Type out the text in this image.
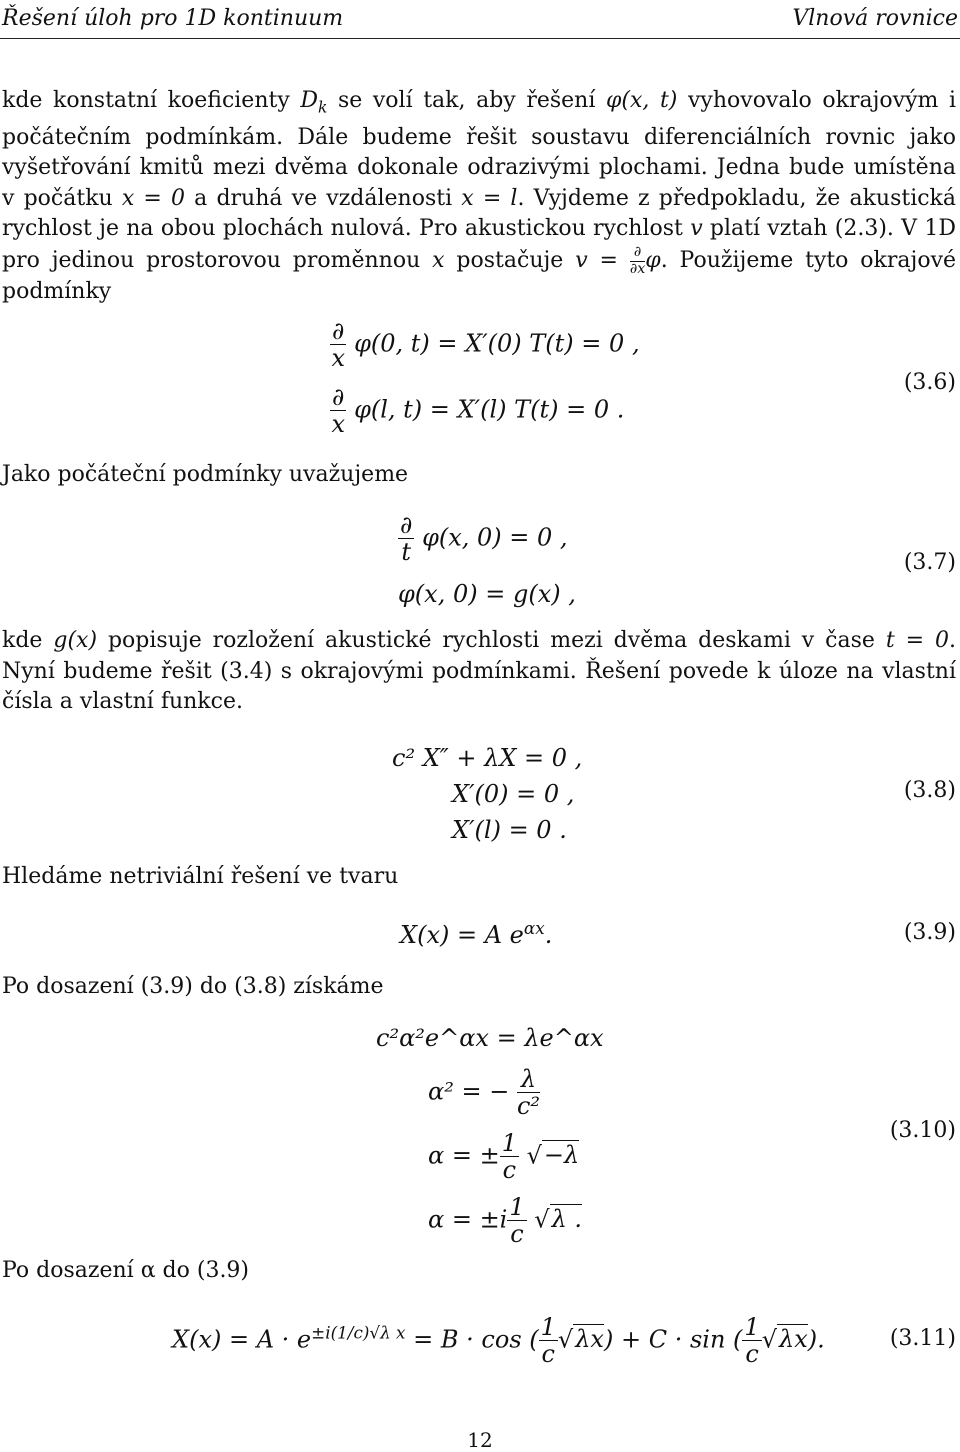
Řešení úloh pro 1D kontinuum	Vlnová rovnice

kde konstatní koeficienty $D_k$ se volí tak, aby řešení φ(x, t) vyhovovalo okrajovým i počátečním podmínkám. Dále budeme řešit soustavu diferenciálních rovnic jako vyšetřování kmitů mezi dvěma dokonale odrazivými plochami. Jedna bude umístěna v počátku x = 0 a druhá ve vzdálenosti x = l. Vyjdeme z předpokladu, že akustická rychlost je na obou plochách nulová. Pro akustickou rychlost v platí vztah (2.3). V 1D pro jedinou prostorovou proměnnou x postačuje v = ∂
∂x φ. Použijeme tyto okrajové podmínky

∂
x
φ(0, t) = X′(0) T(t) = 0 ,
∂
x
φ(l, t) = X′(l) T(t) = 0 .
(3.6)
Jako počáteční podmínky uvažujeme
∂
t
φ(x, 0) = 0 ,
φ(x, 0) = g(x) ,
(3.7)

kde g(x) popisuje rozložení akustické rychlosti mezi dvěma deskami v čase t = 0. Nyní budeme řešit (3.4) s okrajovými podmínkami. Řešení povede k úloze na vlastní čísla a vlastní funkce.

c² X″ + λX = 0 ,
X′(0) = 0 ,
X′(l) = 0 .
(3.8)
Hledáme netriviální řešení ve tvaru
X(x) = A $e^{\alpha x}$.	(3.9)
Po dosazení (3.9) do (3.8) získáme
c²α²e^αx = λe^αx
α² = − $\frac{\lambda}{\text{c²}}$
α = ± $\frac{1}{c} √-\lambda$
$\alpha = \pm i \frac{1}{c} √\lambda$ .
(3.10)
Po dosazení α do (3.9)
$X(x) = A \cdot e^{\pm i(1/c)√\lambda x} = B \cdot \cos$ ( $\frac{1}{c} √\lambda x) + C \cdot \sin$ ( $\frac{1}{c} √\lambda x$).	(3.11)
12
